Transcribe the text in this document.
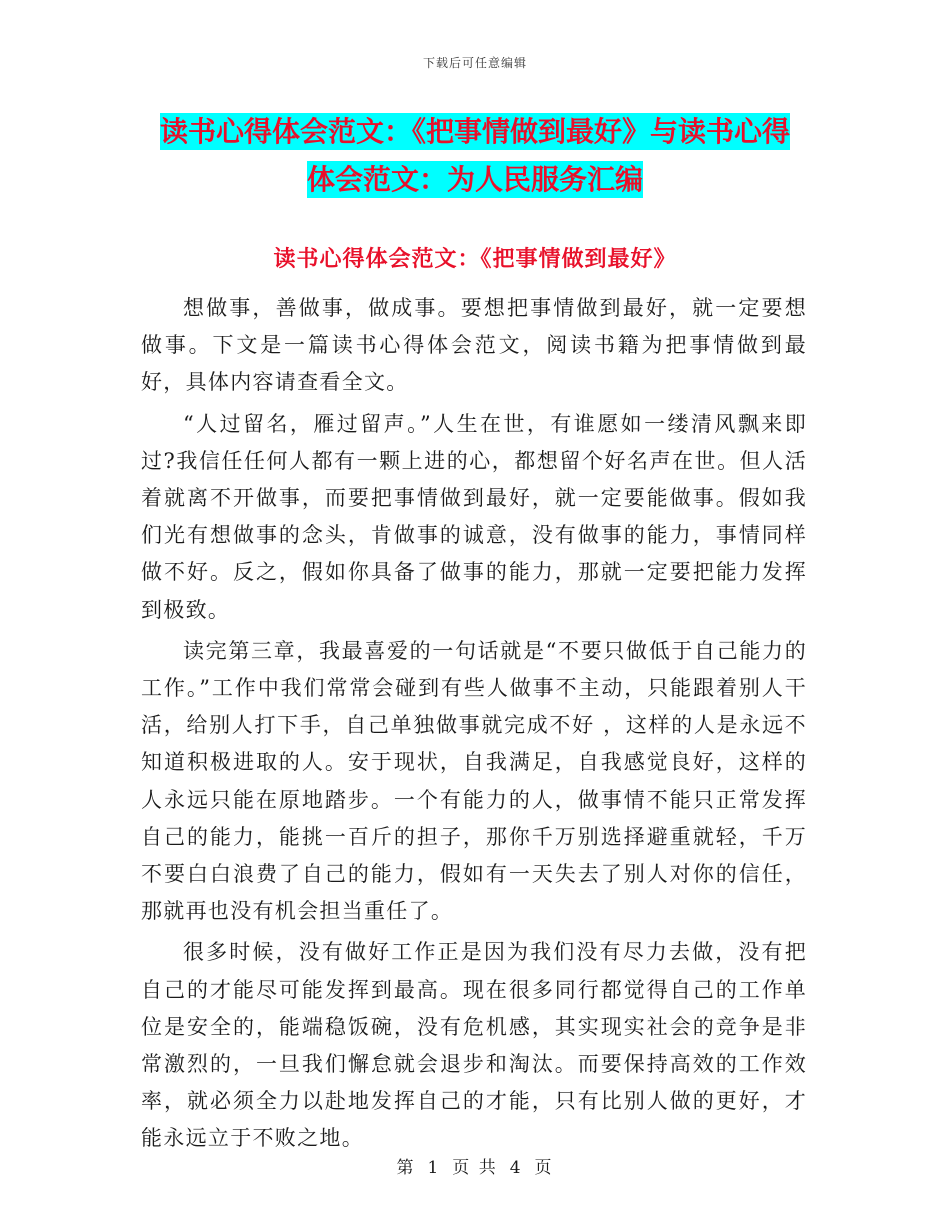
下载后可任意编辑
读书心得体会范文：《把事情做到最好》与读书心得
体会范文：为人民服务汇编
读书心得体会范文：《把事情做到最好》

想做事，善做事，做成事。要想把事情做到最好，就一定要想做事。下文是一篇读书心得体会范文，阅读书籍为把事情做到最好，具体内容请查看全文。

“人过留名，雁过留声。”人生在世，有谁愿如一缕清风飘来即过?我信任任何人都有一颗上进的心，都想留个好名声在世。但人活着就离不开做事，而要把事情做到最好，就一定要能做事。假如我们光有想做事的念头，肯做事的诚意，没有做事的能力，事情同样做不好。反之，假如你具备了做事的能力，那就一定要把能力发挥到极致。

读完第三章，我最喜爱的一句话就是“不要只做低于自己能力的工作。”工作中我们常常会碰到有些人做事不主动，只能跟着别人干活，给别人打下手，自己单独做事就完成不好 ，这样的人是永远不知道积极进取的人。安于现状，自我满足，自我感觉良好，这样的人永远只能在原地踏步。一个有能力的人，做事情不能只正常发挥自己的能力，能挑一百斤的担子，那你千万别选择避重就轻，千万不要白白浪费了自己的能力，假如有一天失去了别人对你的信任，那就再也没有机会担当重任了。

很多时候，没有做好工作正是因为我们没有尽力去做，没有把自己的才能尽可能发挥到最高。现在很多同行都觉得自己的工作单位是安全的，能端稳饭碗，没有危机感，其实现实社会的竞争是非常激烈的，一旦我们懈怠就会退步和淘汰。而要保持高效的工作效率，就必须全力以赴地发挥自己的才能，只有比别人做的更好，才能永远立于不败之地。

第 1 页 共 4 页
